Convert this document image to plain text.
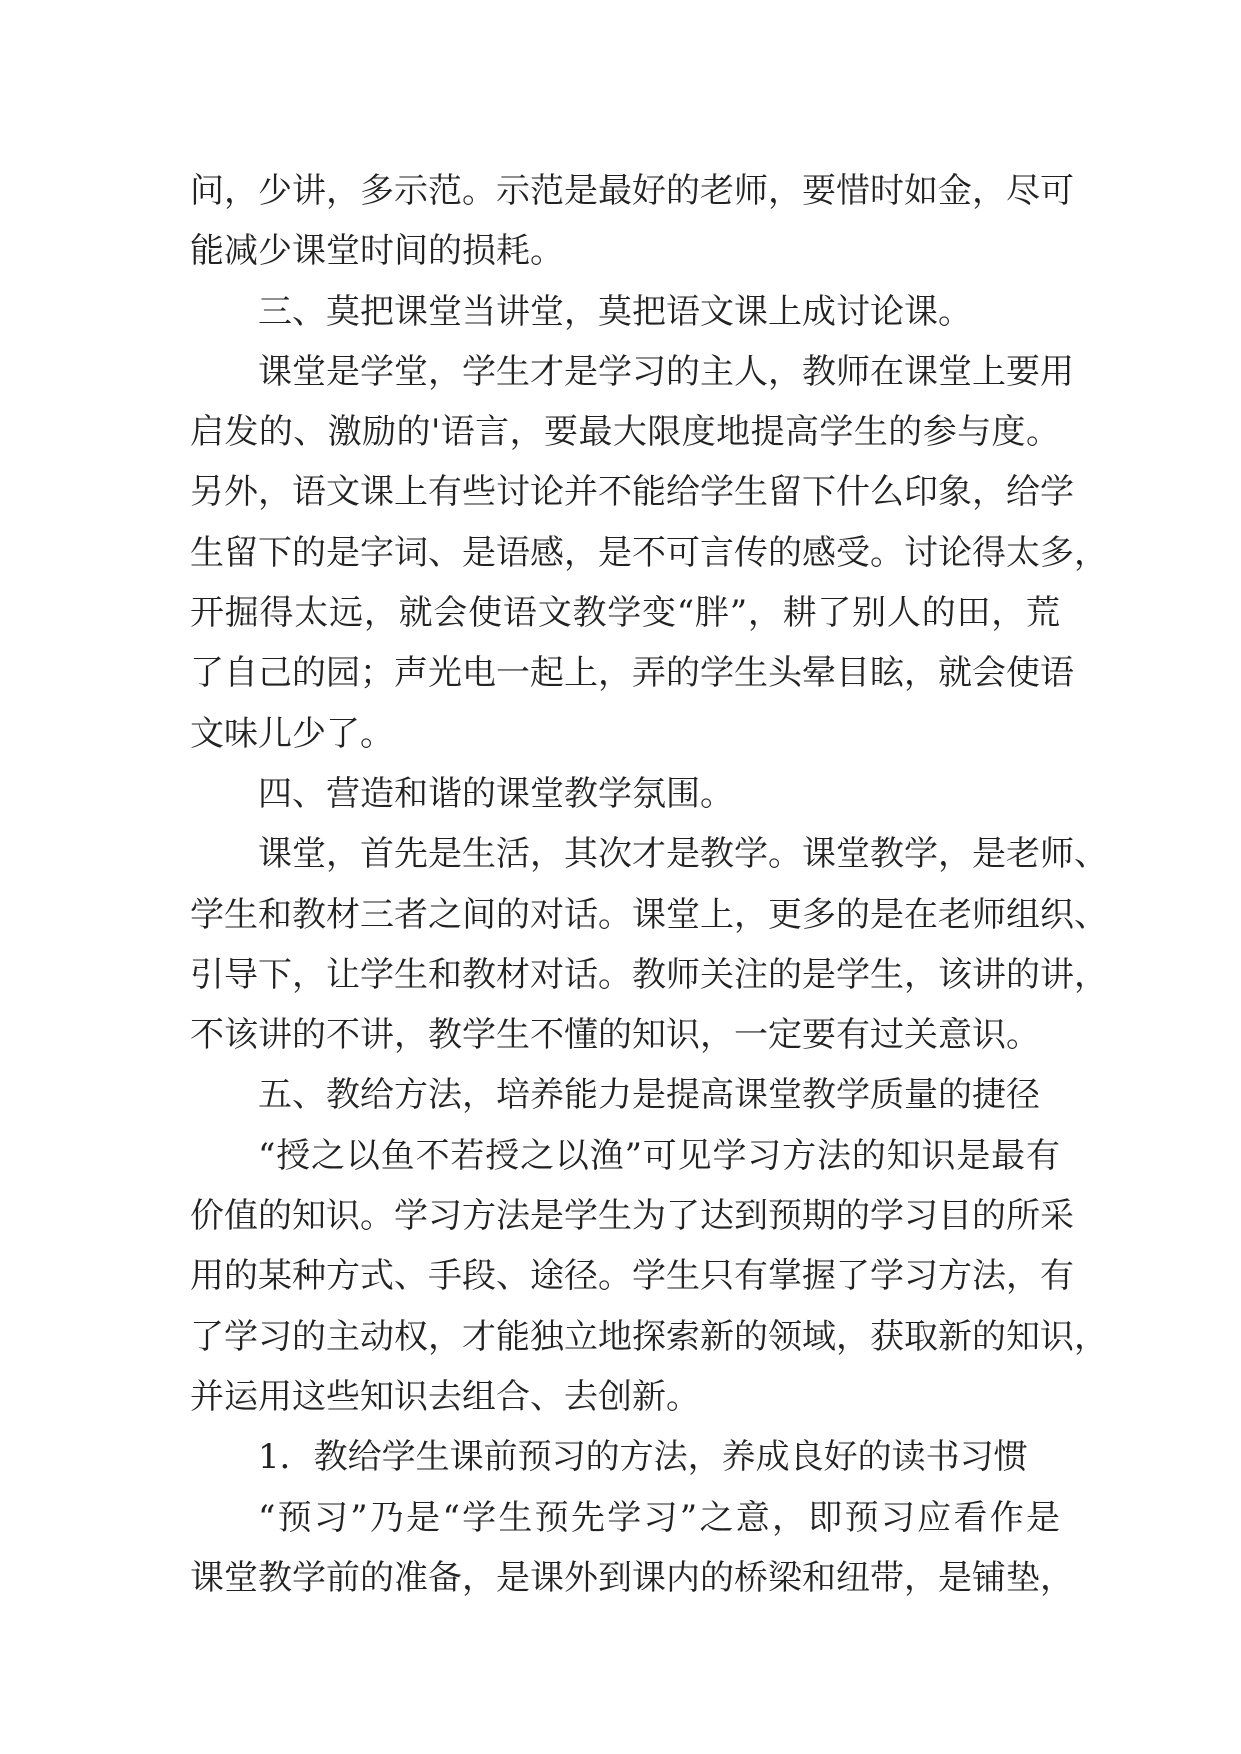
问，少讲，多示范。示范是最好的老师，要惜时如金，尽可
能减少课堂时间的损耗。
三、莫把课堂当讲堂，莫把语文课上成讨论课。
课堂是学堂，学生才是学习的主人，教师在课堂上要用
启发的、激励的'语言，要最大限度地提高学生的参与度。
另外，语文课上有些讨论并不能给学生留下什么印象，给学
生留下的是字词、是语感，是不可言传的感受。讨论得太多，
开掘得太远，就会使语文教学变“胖”，耕了别人的田，荒
了自己的园；声光电一起上，弄的学生头晕目眩，就会使语
文味儿少了。
四、营造和谐的课堂教学氛围。
课堂，首先是生活，其次才是教学。课堂教学，是老师、
学生和教材三者之间的对话。课堂上，更多的是在老师组织、
引导下，让学生和教材对话。教师关注的是学生，该讲的讲，
不该讲的不讲，教学生不懂的知识，一定要有过关意识。
五、教给方法，培养能力是提高课堂教学质量的捷径
“授之以鱼不若授之以渔”可见学习方法的知识是最有
价值的知识。学习方法是学生为了达到预期的学习目的所采
用的某种方式、手段、途径。学生只有掌握了学习方法，有
了学习的主动权，才能独立地探索新的领域，获取新的知识，
并运用这些知识去组合、去创新。
1．教给学生课前预习的方法，养成良好的读书习惯
“预习”乃是“学生预先学习”之意，即预习应看作是
课堂教学前的准备，是课外到课内的桥梁和纽带，是铺垫，
